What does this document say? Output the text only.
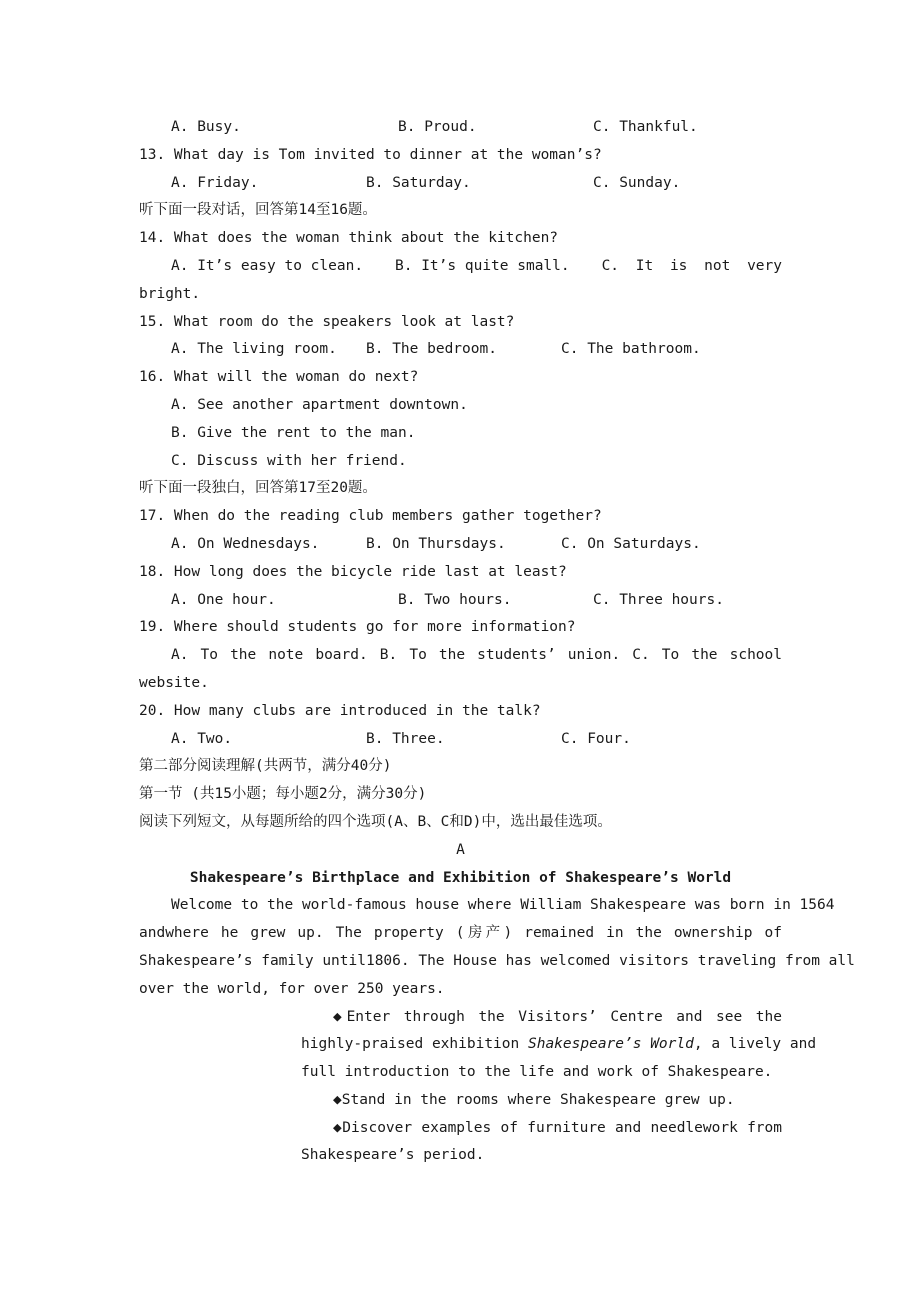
A. Busy.	B. Proud.	C. Thankful.
13. What day is Tom invited to dinner at the woman’s?
A. Friday.	B. Saturday.	C. Sunday.
听下面一段对话，回答第14至16题。
14. What does the woman think about the kitchen?
A. It’s easy to clean. B. It’s quite small. C. It is not very
bright.
15. What room do the speakers look at last?
A. The living room.	B. The bedroom.	C. The bathroom.
16. What will the woman do next?
A. See another apartment downtown.
B. Give the rent to the man.
C. Discuss with her friend.
听下面一段独白，回答第17至20题。
17. When do the reading club members gather together?
A. On Wednesdays.	B. On Thursdays.	C. On Saturdays.
18. How long does the bicycle ride last at least?
A. One hour.	B. Two hours.	C. Three hours.
19. Where should students go for more information?
A. To the note board. B. To the students’ union. C. To the school
website.
20. How many clubs are introduced in the talk?
A. Two.	B. Three.	C. Four.
第二部分阅读理解(共两节，满分40分)
第一节 (共15小题；每小题2分，满分30分)
阅读下列短文，从每题所给的四个选项(A、B、C和D)中，选出最佳选项。
A
Shakespeare’s Birthplace and Exhibition of Shakespeare’s World
Welcome to the world-famous house where William Shakespeare was born in 1564
andwhere he grew up. The property (房产) remained in the ownership of
Shakespeare’s family until1806. The House has welcomed visitors traveling from all
over the world, for over 250 years.
◆Enter through the Visitors’ Centre and see the
highly-praised exhibition Shakespeare’s World, a lively and
full introduction to the life and work of Shakespeare.
◆Stand in the rooms where Shakespeare grew up.
◆Discover examples of furniture and needlework from
Shakespeare’s period.
